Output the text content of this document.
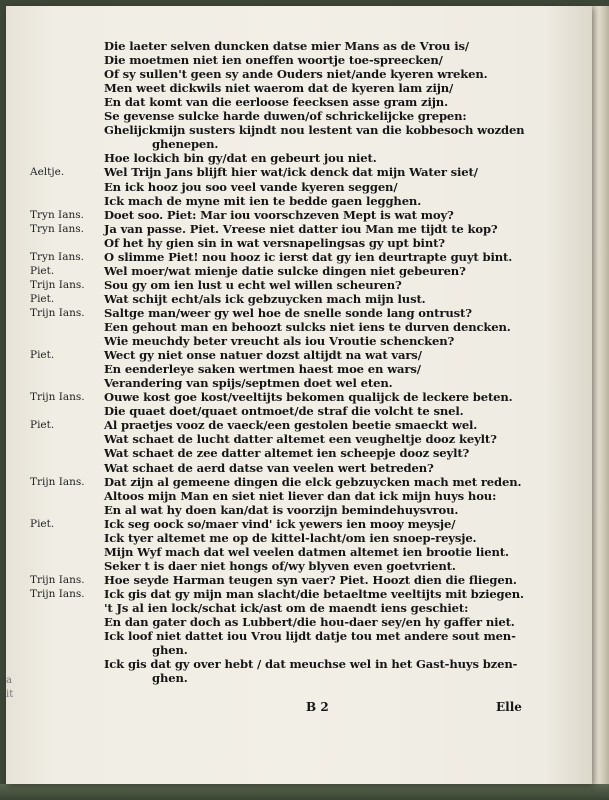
Die laeter selven duncken datse mier Mans as de Vrou is/
Die moetmen niet ien oneffen woortje toe-spreecken/
Of sy sullen't geen sy ande Ouders niet/ande kyeren wreken.
Men weet dickwils niet waerom dat de kyeren lam zijn/
En dat komt van die eerloose feecksen asse gram zijn.
Se gevense sulcke harde duwen/of schrickelijcke grepen:
Ghelijckmijn susters kijndt nou lestent van die kobbesoch wozden
ghenepen.
Hoe lockich bin gy/dat en gebeurt jou niet.
Aeltje.	Wel Trijn Jans blijft hier wat/ick denck dat mijn Water siet/
En ick hooz jou soo veel vande kyeren seggen/
Ick mach de myne mit ien te bedde gaen legghen.
Tryn Ians. Doet soo. Piet: Mar iou voorschzeven Mept is wat moy?
Tryn Ians. Ja van passe. Piet. Vreese niet datter iou Man me tijdt te kop?
Of het hy gien sin in wat versnapelingsas gy upt bint?
Tryn Ians. O slimme Piet! nou hooz ic ierst dat gy ien deurtrapte guyt bint.
Piet.	Wel moer/wat mienje datie sulcke dingen niet gebeuren?
Trijn Ians. Sou gy om ien lust u echt wel willen scheuren?
Piet.	Wat schijt echt/als ick gebzuycken mach mijn lust.
Trijn Ians. Saltge man/weer gy wel hoe de snelle sonde lang ontrust?
Een gehout man en behoozt sulcks niet iens te durven dencken.
Wie meuchdy beter vreucht als iou Vroutie schencken?
Piet.	Wect gy niet onse natuer dozst altijdt na wat vars/
En eenderleye saken wertmen haest moe en wars/
Verandering van spijs/septmen doet wel eten.
Trijn Ians. Ouwe kost goe kost/veeltijts bekomen qualijck de leckere beten.
Die quaet doet/quaet ontmoet/de straf die volcht te snel.
Piet.	Al praetjes vooz de vaeck/een gestolen beetie smaeckt wel.
Wat schaet de lucht datter altemet een veugheltje dooz keylt?
Wat schaet de zee datter altemet ien scheepje dooz seylt?
Wat schaet de aerd datse van veelen wert betreden?
Trijn Ians. Dat zijn al gemeene dingen die elck gebzuycken mach met reden.
Altoos mijn Man en siet niet liever dan dat ick mijn huys hou:
En al wat hy doen kan/dat is voorzijn bemindehuysvrou.
Piet.	Ick seg oock so/maer vind' ick yewers ien mooy meysje/
Ick tyer altemet me op de kittel-lacht/om ien snoep-reysje.
Mijn Wyf mach dat wel veelen datmen altemet ien brootie lient.
Seker t is daer niet hongs of/wy blyven even goetvrient.
Trijn Ians. Hoe seyde Harman teugen syn vaer? Piet. Hoozt dien die fliegen.
Trijn Ians. Ick gis dat gy mijn man slacht/die betaeltme veeltijts mit bziegen.
't Js al ien lock/schat ick/ast om de maendt iens geschiet:
En dan gater doch as Lubbert/die hou-daer sey/en hy gaffer niet.
Ick loof niet dattet iou Vrou lijdt datje tou met andere sout men-
ghen.
Ick gis dat gy over hebt / dat meuchse wel in het Gast-huys bzen-
ghen.
B 2	Elle
a
it
